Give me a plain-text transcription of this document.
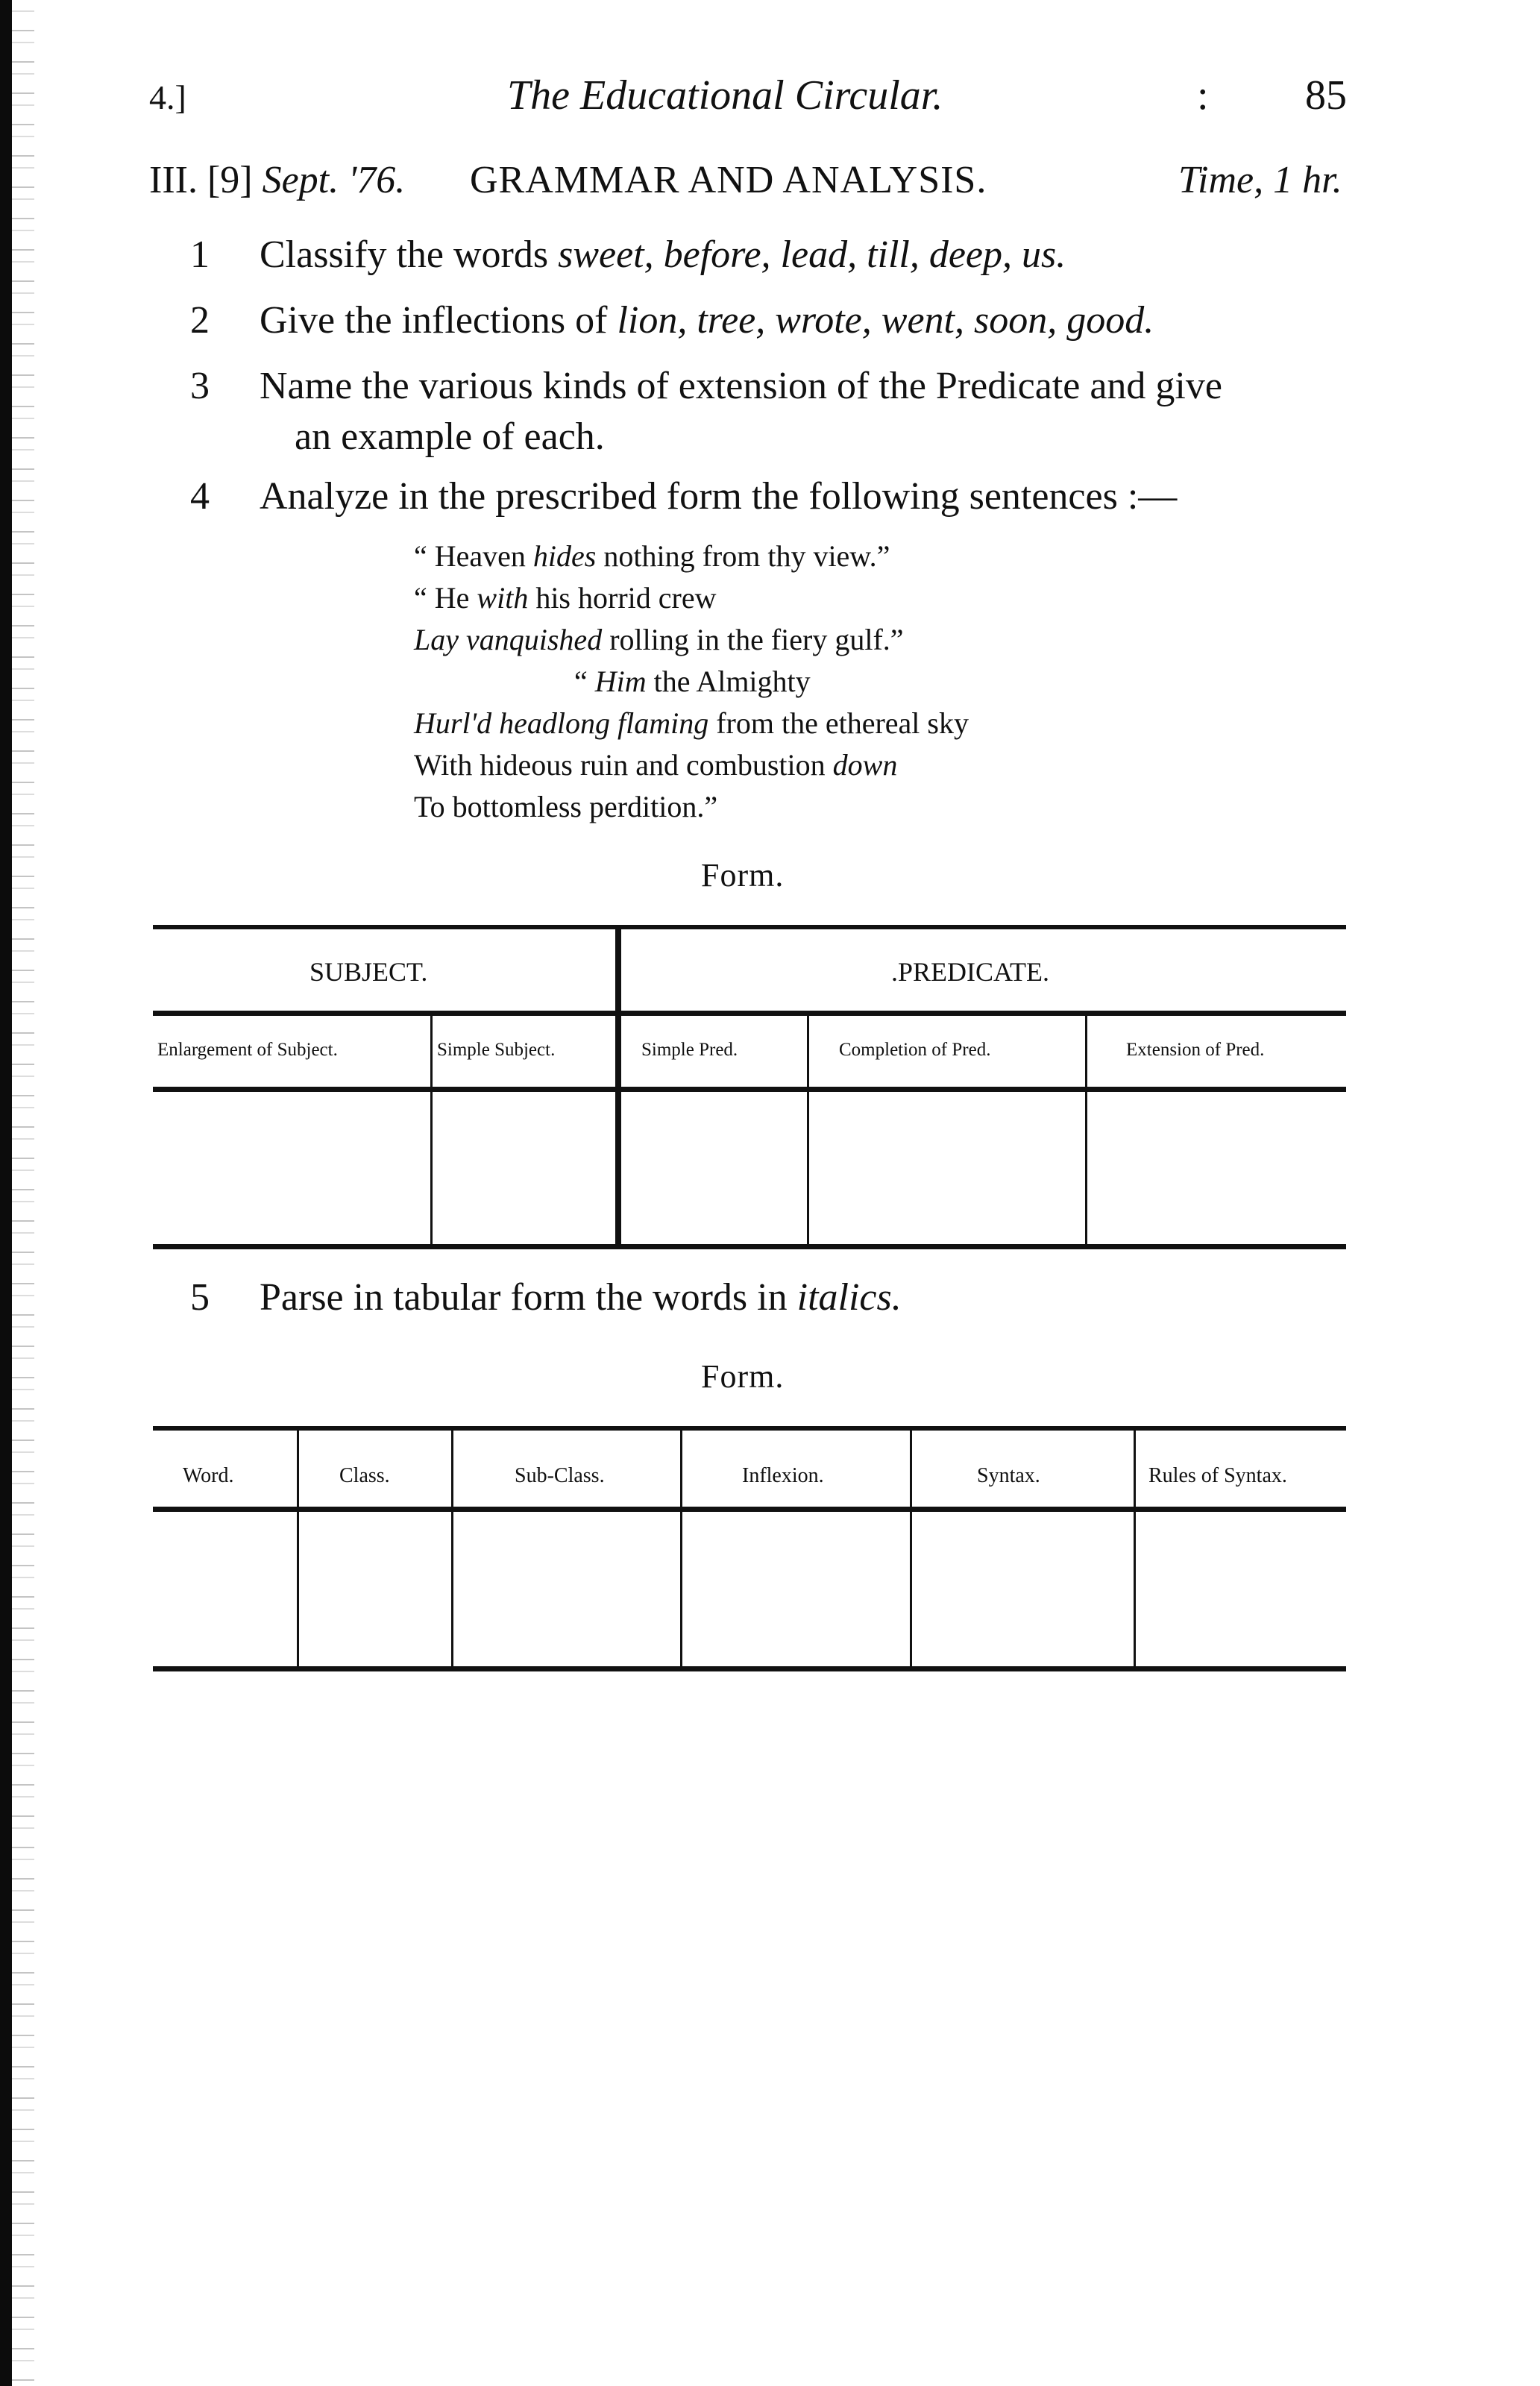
4.]	The Educational Circular.	: 85
III. [9] Sept. '76. GRAMMAR AND ANALYSIS.	Time, 1 hr.
1 Classify the words sweet, before, lead, till, deep, us.
2 Give the inflections of lion, tree, wrote, went, soon, good.
3 Name the various kinds of extension of the Predicate and give
an example of each.
4 Analyze in the prescribed form the following sentences :—
“ Heaven hides nothing from thy view.”
“ He with his horrid crew
Lay vanquished rolling in the fiery gulf.”
“ Him the Almighty
Hurl'd headlong flaming from the ethereal sky
With hideous ruin and combustion down
To bottomless perdition.”
Form.
SUBJECT.	.PREDICATE.
Enlargement of Subject.	Simple Subject.	Simple Pred.	Completion of Pred.	Extension of Pred.
5 Parse in tabular form the words in italics.
Form.
Word.	Class.	Sub-Class.	Inflexion.	Syntax.	Rules of Syntax.
